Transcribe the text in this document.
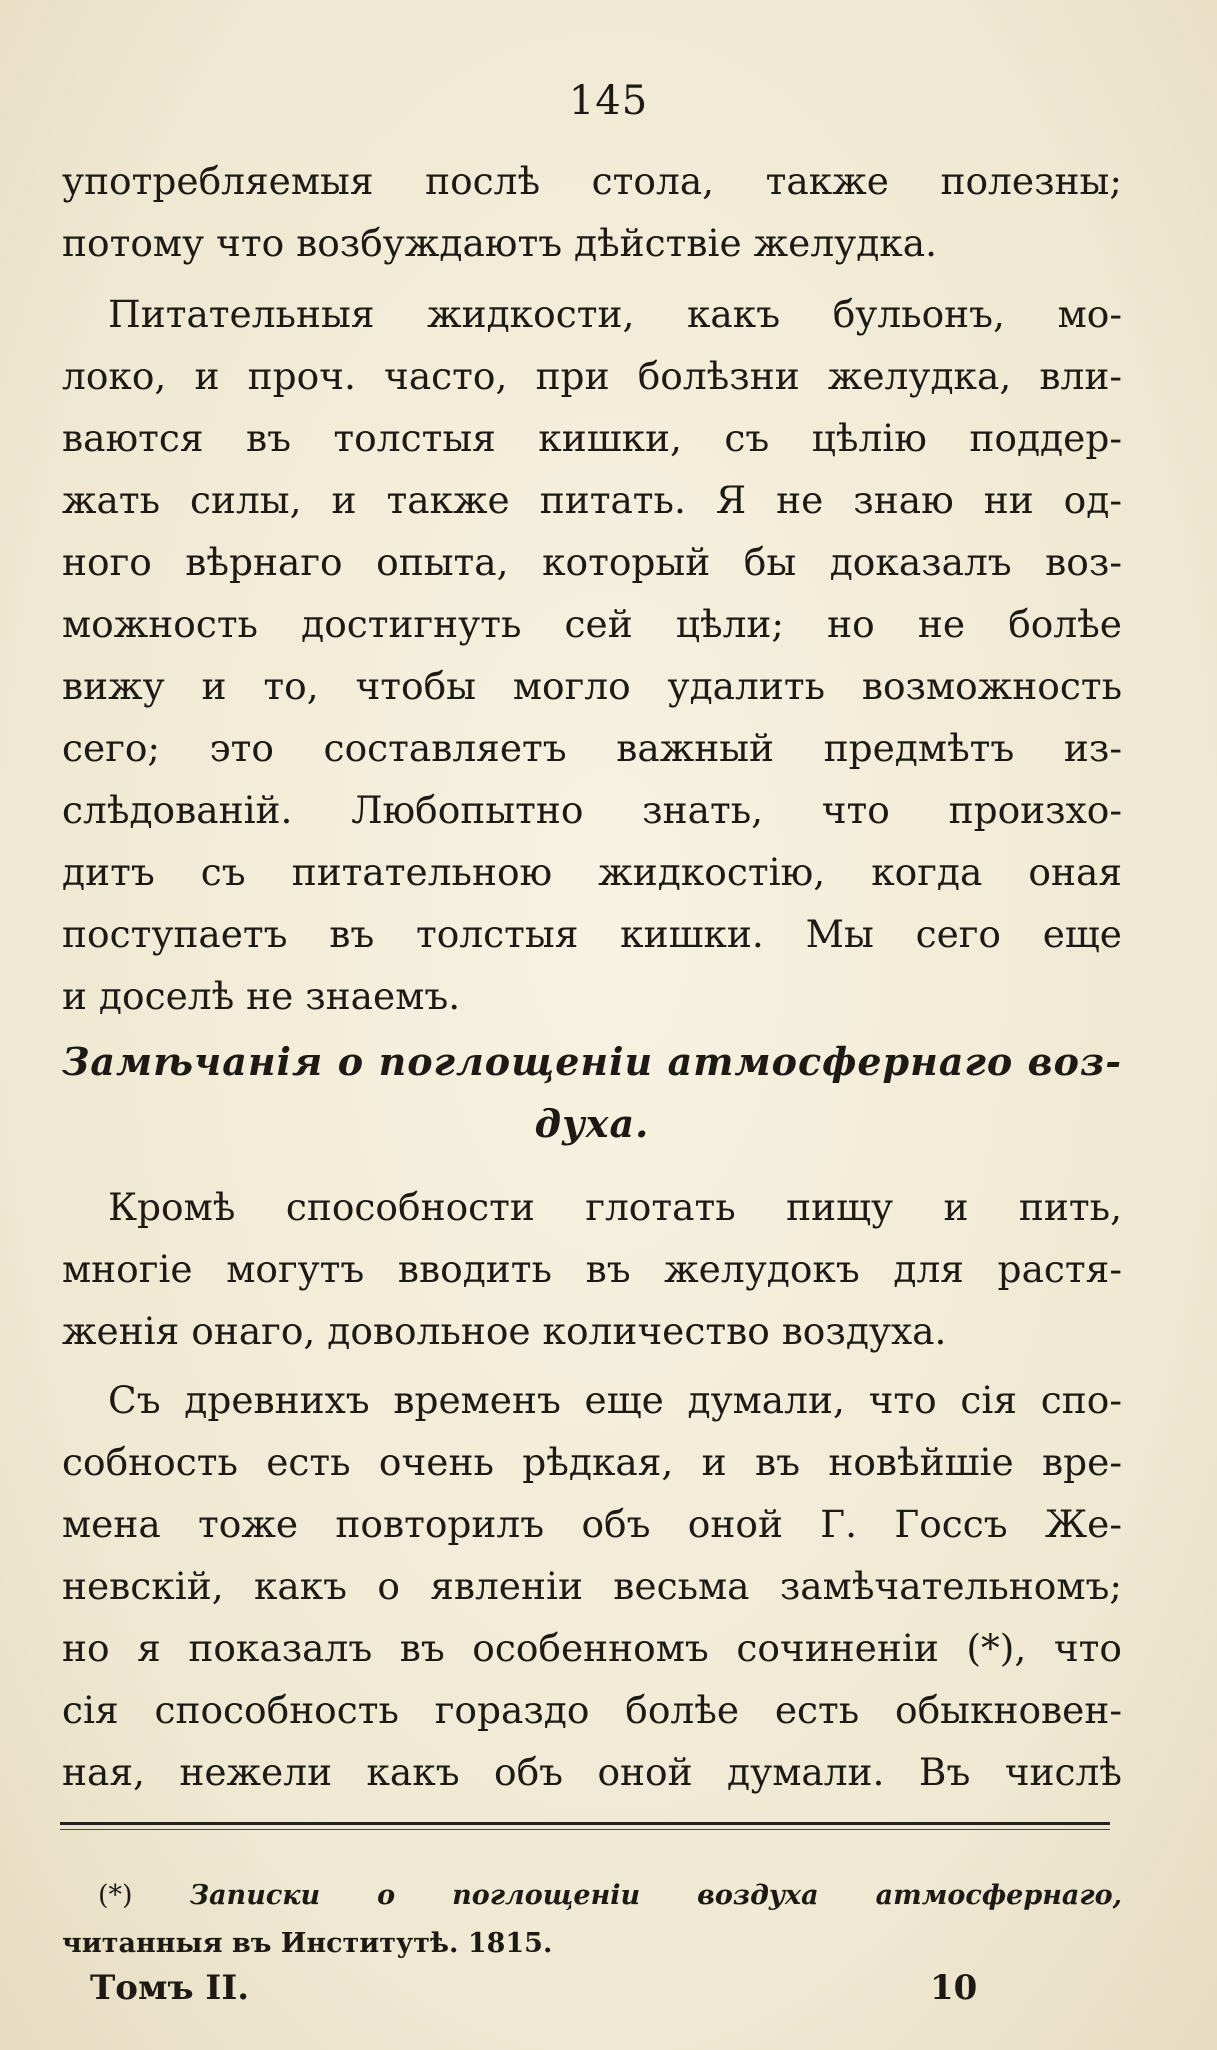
145
употребляемыя послѣ стола, также полезны;
потому что возбуждаютъ дѣйствіе желудка.
Питательныя жидкости, какъ бульонъ, мо-
локо, и проч. часто, при болѣзни желудка, вли-
ваются въ толстыя кишки, съ цѣлію поддер-
жать силы, и также питать. Я не знаю ни од-
ного вѣрнаго опыта, который бы доказалъ воз-
можность достигнуть сей цѣли; но не болѣе
вижу и то, чтобы могло удалить возможность
сего; это составляетъ важный предмѣтъ из-
слѣдованій. Любопытно знать, что произхо-
дитъ съ питательною жидкостію, когда оная
поступаетъ въ толстыя кишки. Мы сего еще
и доселѣ не знаемъ.
Замѣчанія о поглощеніи атмосфернаго воз-
духа.
Кромѣ способности глотать пищу и пить,
многіе могутъ вводить въ желудокъ для растя-
женія онаго, довольное количество воздуха.
Съ древнихъ временъ еще думали, что сія спо-
собность есть очень рѣдкая, и въ новѣйшіе вре-
мена тоже повторилъ объ оной Г. Госсъ Же-
невскій, какъ о явленіи весьма замѣчательномъ;
но я показалъ въ особенномъ сочиненіи (*), что
сія способность гораздо болѣе есть обыкновен-
ная, нежели какъ объ оной думали. Въ числѣ
(*) Записки о поглощеніи воздуха атмосфернаго,
читанныя въ Институтѣ. 1815.
Томъ II.	10
